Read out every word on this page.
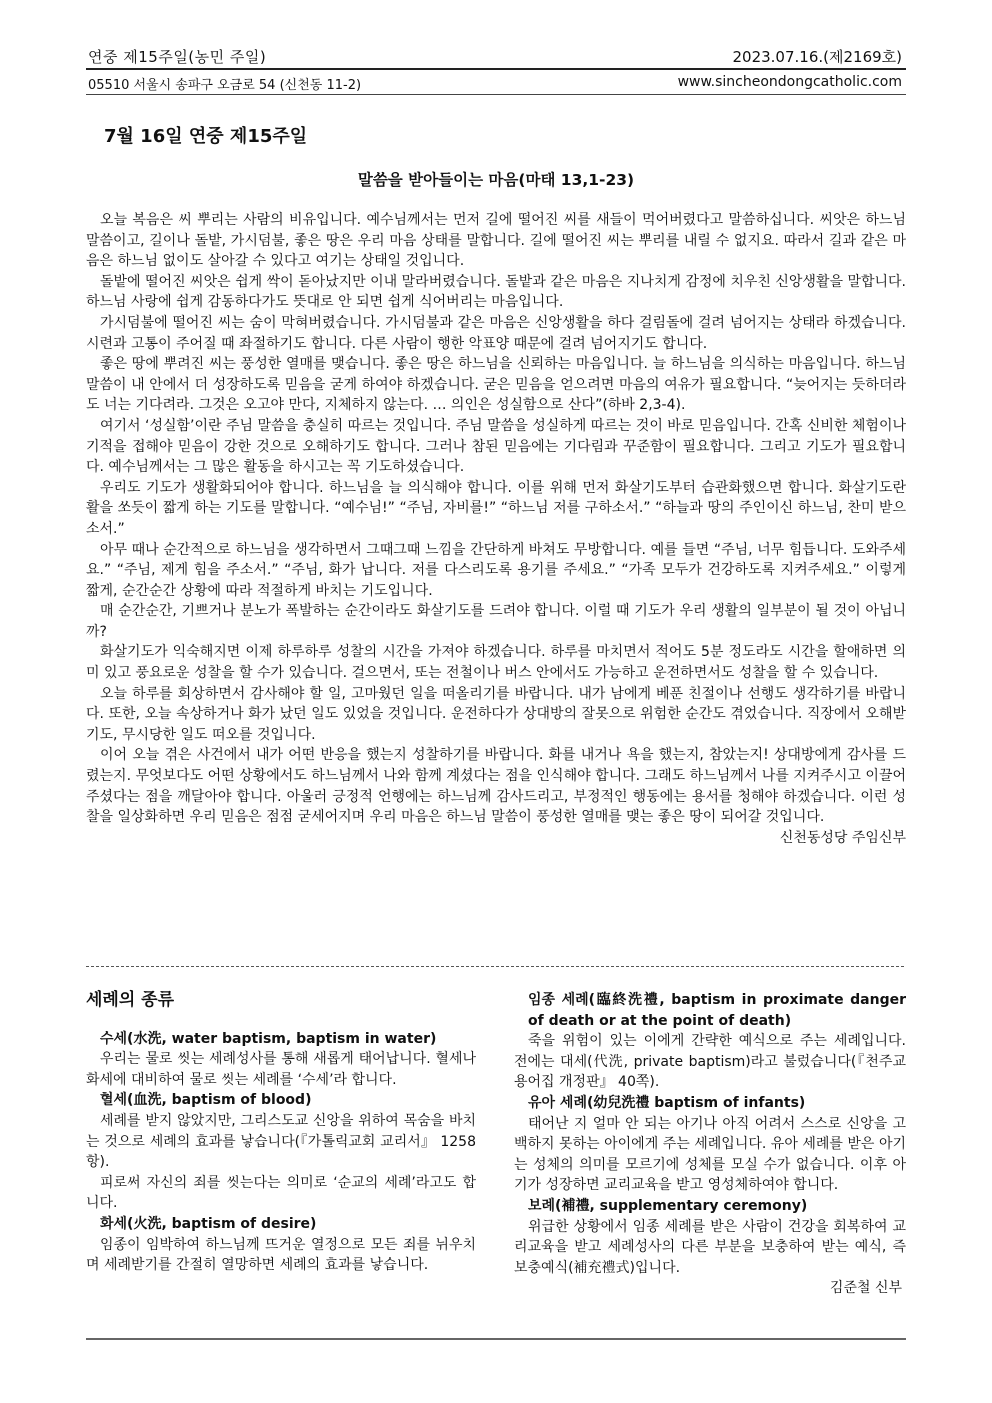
연중 제15주일(농민 주일)	2023.07.16.(제2169호)
05510 서울시 송파구 오금로 54 (신천동 11-2)	www.sincheondongcatholic.com
7월 16일 연중 제15주일
말씀을 받아들이는 마음(마태 13,1-23)

오늘 복음은 씨 뿌리는 사람의 비유입니다. 예수님께서는 먼저 길에 떨어진 씨를 새들이 먹어버렸다고 말씀하십니다. 씨앗은 하느님 말씀이고, 길이나 돌밭, 가시덤불, 좋은 땅은 우리 마음 상태를 말합니다. 길에 떨어진 씨는 뿌리를 내릴 수 없지요. 따라서 길과 같은 마음은 하느님 없이도 살아갈 수 있다고 여기는 상태일 것입니다.

돌밭에 떨어진 씨앗은 쉽게 싹이 돋아났지만 이내 말라버렸습니다. 돌밭과 같은 마음은 지나치게 감정에 치우친 신앙생활을 말합니다. 하느님 사랑에 쉽게 감동하다가도 뜻대로 안 되면 쉽게 식어버리는 마음입니다.

가시덤불에 떨어진 씨는 숨이 막혀버렸습니다. 가시덤불과 같은 마음은 신앙생활을 하다 걸림돌에 걸려 넘어지는 상태라 하겠습니다. 시련과 고통이 주어질 때 좌절하기도 합니다. 다른 사람이 행한 악표양 때문에 걸려 넘어지기도 합니다.

좋은 땅에 뿌려진 씨는 풍성한 열매를 맺습니다. 좋은 땅은 하느님을 신뢰하는 마음입니다. 늘 하느님을 의식하는 마음입니다. 하느님 말씀이 내 안에서 더 성장하도록 믿음을 굳게 하여야 하겠습니다. 굳은 믿음을 얻으려면 마음의 여유가 필요합니다. “늦어지는 듯하더라도 너는 기다려라. 그것은 오고야 만다, 지체하지 않는다. … 의인은 성실함으로 산다”(하바 2,3-4).

여기서 ‘성실함’이란 주님 말씀을 충실히 따르는 것입니다. 주님 말씀을 성실하게 따르는 것이 바로 믿음입니다. 간혹 신비한 체험이나 기적을 접해야 믿음이 강한 것으로 오해하기도 합니다. 그러나 참된 믿음에는 기다림과 꾸준함이 필요합니다. 그리고 기도가 필요합니다. 예수님께서는 그 많은 활동을 하시고는 꼭 기도하셨습니다.

우리도 기도가 생활화되어야 합니다. 하느님을 늘 의식해야 합니다. 이를 위해 먼저 화살기도부터 습관화했으면 합니다. 화살기도란 활을 쏘듯이 짧게 하는 기도를 말합니다. “예수님!” “주님, 자비를!” “하느님 저를 구하소서.” “하늘과 땅의 주인이신 하느님, 찬미 받으소서.”

아무 때나 순간적으로 하느님을 생각하면서 그때그때 느낌을 간단하게 바쳐도 무방합니다. 예를 들면 “주님, 너무 힘듭니다. 도와주세요.” “주님, 제게 힘을 주소서.” “주님, 화가 납니다. 저를 다스리도록 용기를 주세요.” “가족 모두가 건강하도록 지켜주세요.” 이렇게 짧게, 순간순간 상황에 따라 적절하게 바치는 기도입니다.

매 순간순간, 기쁘거나 분노가 폭발하는 순간이라도 화살기도를 드려야 합니다. 이럴 때 기도가 우리 생활의 일부분이 될 것이 아닙니까?

화살기도가 익숙해지면 이제 하루하루 성찰의 시간을 가져야 하겠습니다. 하루를 마치면서 적어도 5분 정도라도 시간을 할애하면 의미 있고 풍요로운 성찰을 할 수가 있습니다. 걸으면서, 또는 전철이나 버스 안에서도 가능하고 운전하면서도 성찰을 할 수 있습니다.

오늘 하루를 회상하면서 감사해야 할 일, 고마웠던 일을 떠올리기를 바랍니다. 내가 남에게 베푼 친절이나 선행도 생각하기를 바랍니다. 또한, 오늘 속상하거나 화가 났던 일도 있었을 것입니다. 운전하다가 상대방의 잘못으로 위험한 순간도 겪었습니다. 직장에서 오해받기도, 무시당한 일도 떠오를 것입니다.

이어 오늘 겪은 사건에서 내가 어떤 반응을 했는지 성찰하기를 바랍니다. 화를 내거나 욕을 했는지, 참았는지! 상대방에게 감사를 드렸는지. 무엇보다도 어떤 상황에서도 하느님께서 나와 함께 계셨다는 점을 인식해야 합니다. 그래도 하느님께서 나를 지켜주시고 이끌어주셨다는 점을 깨달아야 합니다. 아울러 긍정적 언행에는 하느님께 감사드리고, 부정적인 행동에는 용서를 청해야 하겠습니다. 이런 성찰을 일상화하면 우리 믿음은 점점 굳세어지며 우리 마음은 하느님 말씀이 풍성한 열매를 맺는 좋은 땅이 되어갈 것입니다.
신천동성당 주임신부

세례의 종류

수세(水洗, water baptism, baptism in water)

우리는 물로 씻는 세례성사를 통해 새롭게 태어납니다. 혈세나 화세에 대비하여 물로 씻는 세례를 ‘수세’라 합니다.

혈세(血洗, baptism of blood)

세례를 받지 않았지만, 그리스도교 신앙을 위하여 목숨을 바치는 것으로 세례의 효과를 낳습니다(『가톨릭교회 교리서』 1258항).

피로써 자신의 죄를 씻는다는 의미로 ‘순교의 세례’라고도 합니다.

화세(火洗, baptism of desire)

임종이 임박하여 하느님께 뜨거운 열정으로 모든 죄를 뉘우치며 세례받기를 간절히 열망하면 세례의 효과를 낳습니다.

임종 세례(臨終洗禮, baptism in proximate danger of death or at the point of death)

죽을 위험이 있는 이에게 간략한 예식으로 주는 세례입니다. 전에는 대세(代洗, private baptism)라고 불렀습니다(『천주교 용어집 개정판』 40쪽).

유아 세례(幼兒洗禮 baptism of infants)

태어난 지 얼마 안 되는 아기나 아직 어려서 스스로 신앙을 고백하지 못하는 아이에게 주는 세례입니다. 유아 세례를 받은 아기는 성체의 의미를 모르기에 성체를 모실 수가 없습니다. 이후 아기가 성장하면 교리교육을 받고 영성체하여야 합니다.

보례(補禮, supplementary ceremony)

위급한 상황에서 임종 세례를 받은 사람이 건강을 회복하여 교리교육을 받고 세례성사의 다른 부분을 보충하여 받는 예식, 즉 보충예식(補充禮式)입니다.

김준철 신부
